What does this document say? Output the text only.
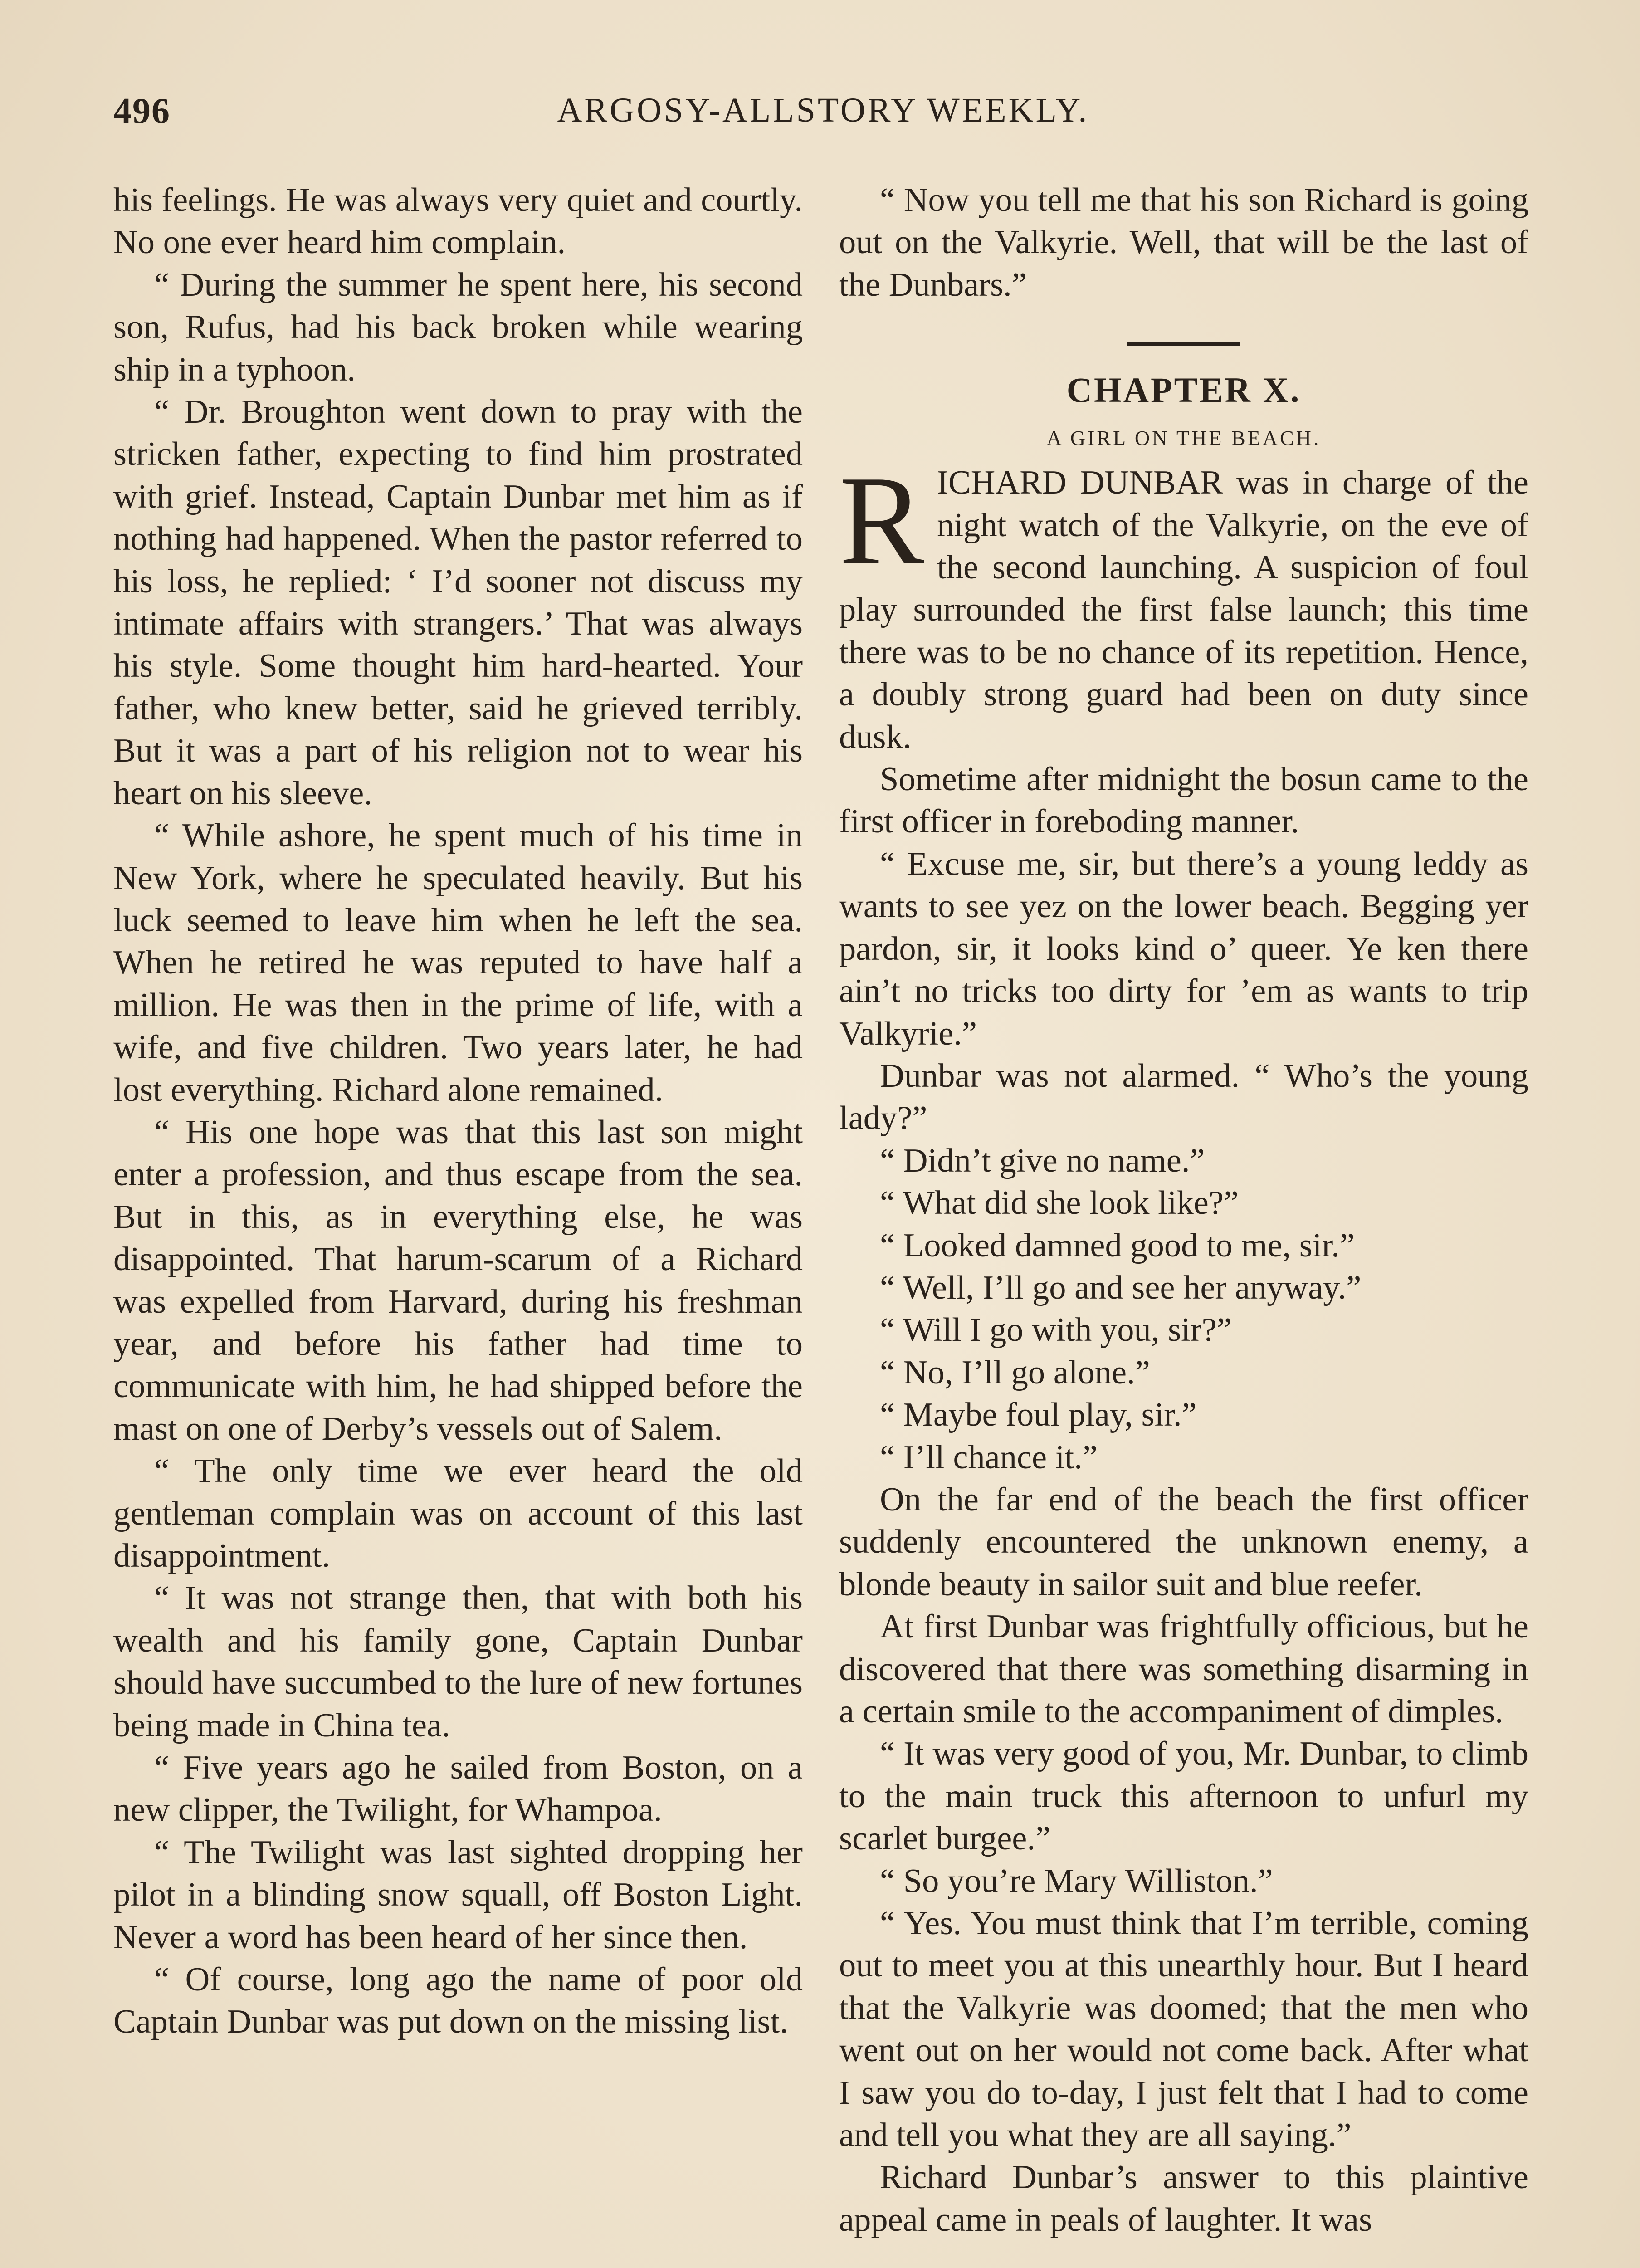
496	ARGOSY-ALLSTORY WEEKLY.

his feelings. He was always very quiet and courtly. No one ever heard him complain.

“ During the summer he spent here, his second son, Rufus, had his back broken while wearing ship in a typhoon.

“ Dr. Broughton went down to pray with the stricken father, expecting to find him prostrated with grief. Instead, Captain Dunbar met him as if nothing had happened. When the pastor referred to his loss, he replied: ‘ I’d sooner not discuss my intimate affairs with strangers.’ That was always his style. Some thought him hard-hearted. Your father, who knew better, said he grieved terribly. But it was a part of his religion not to wear his heart on his sleeve.

“ While ashore, he spent much of his time in New York, where he speculated heavily. But his luck seemed to leave him when he left the sea. When he retired he was reputed to have half a million. He was then in the prime of life, with a wife, and five children. Two years later, he had lost everything. Richard alone remained.

“ His one hope was that this last son might enter a profession, and thus escape from the sea. But in this, as in everything else, he was disappointed. That harum-scarum of a Richard was expelled from Harvard, during his freshman year, and before his father had time to communicate with him, he had shipped before the mast on one of Derby’s vessels out of Salem.

“ The only time we ever heard the old gentleman complain was on account of this last disappointment.

“ It was not strange then, that with both his wealth and his family gone, Captain Dunbar should have succumbed to the lure of new fortunes being made in China tea.

“ Five years ago he sailed from Boston, on a new clipper, the Twilight, for Whampoa.

“ The Twilight was last sighted dropping her pilot in a blinding snow squall, off Boston Light. Never a word has been heard of her since then.

“ Of course, long ago the name of poor old Captain Dunbar was put down on the missing list.

“ Now you tell me that his son Richard is going out on the Valkyrie. Well, that will be the last of the Dunbars.”

CHAPTER X.
A GIRL ON THE BEACH.

RICHARD DUNBAR was in charge of the night watch of the Valkyrie, on the eve of the second launching. A suspicion of foul play surrounded the first false launch; this time there was to be no chance of its repetition. Hence, a doubly strong guard had been on duty since dusk.

Sometime after midnight the bosun came to the first officer in foreboding manner.

“ Excuse me, sir, but there’s a young leddy as wants to see yez on the lower beach. Begging yer pardon, sir, it looks kind o’ queer. Ye ken there ain’t no tricks too dirty for ’em as wants to trip Valkyrie.”

Dunbar was not alarmed. “ Who’s the young lady?”

“ Didn’t give no name.”

“ What did she look like?”

“ Looked damned good to me, sir.”

“ Well, I’ll go and see her anyway.”

“ Will I go with you, sir?”

“ No, I’ll go alone.”

“ Maybe foul play, sir.”

“ I’ll chance it.”

On the far end of the beach the first officer suddenly encountered the unknown enemy, a blonde beauty in sailor suit and blue reefer.

At first Dunbar was frightfully officious, but he discovered that there was something disarming in a certain smile to the accompaniment of dimples.

“ It was very good of you, Mr. Dunbar, to climb to the main truck this afternoon to unfurl my scarlet burgee.”

“ So you’re Mary Williston.”

“ Yes. You must think that I’m terrible, coming out to meet you at this unearthly hour. But I heard that the Valkyrie was doomed; that the men who went out on her would not come back. After what I saw you do to-day, I just felt that I had to come and tell you what they are all saying.”

Richard Dunbar’s answer to this plaintive appeal came in peals of laughter. It was
